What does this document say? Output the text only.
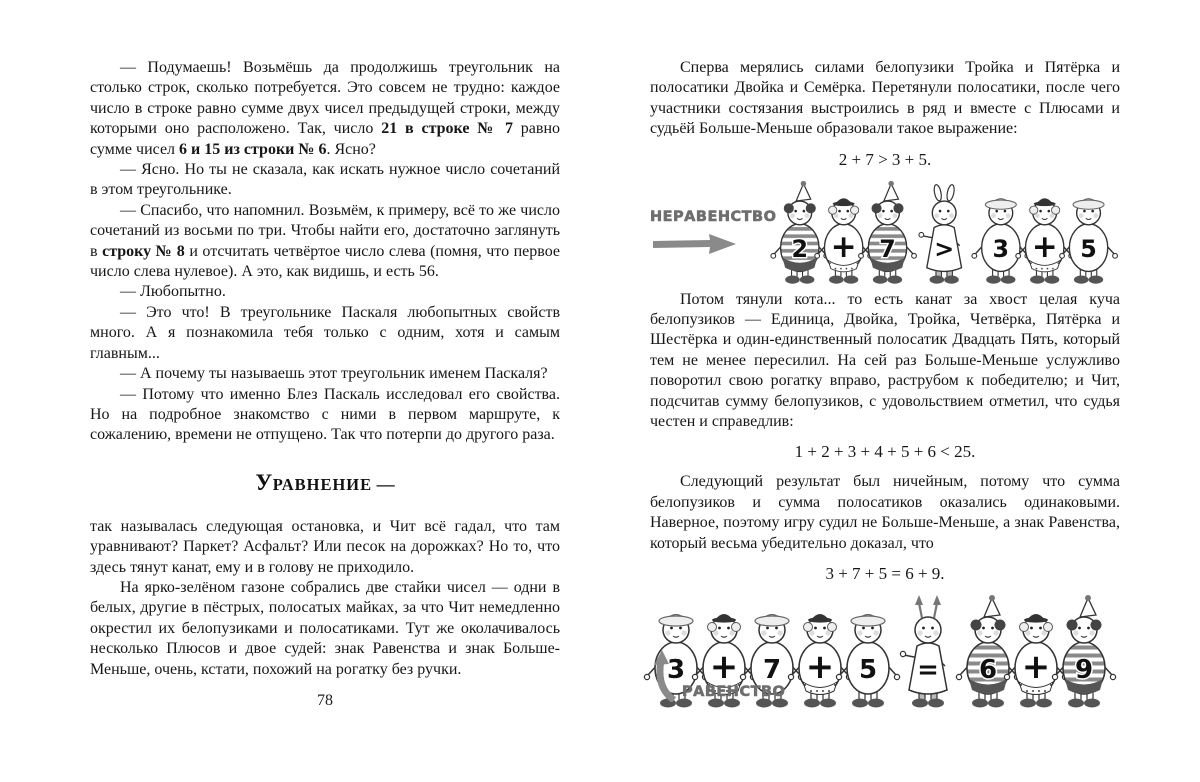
— Подумаешь! Возьмёшь да продолжишь треугольник на столько строк, сколько потребуется. Это совсем не трудно: каждое число в строке равно сумме двух чисел предыдущей строки, между которыми оно расположено. Так, число 21 в строке № 7 равно сумме чисел 6 и 15 из строки № 6. Ясно?

— Ясно. Но ты не сказала, как искать нужное число сочетаний в этом треугольнике.

— Спасибо, что напомнил. Возьмём, к примеру, всё то же число сочетаний из восьми по три. Чтобы найти его, достаточно заглянуть в строку № 8 и отсчитать четвёртое число слева (помня, что первое число слева нулевое). А это, как видишь, и есть 56.

— Любопытно.

— Это что! В треугольнике Паскаля любопытных свойств много. А я познакомила тебя только с одним, хотя и самым главным...

— А почему ты называешь этот треугольник именем Паскаля?

— Потому что именно Блез Паскаль исследовал его свойства. Но на подробное знакомство с ними в первом маршруте, к сожалению, времени не отпущено. Так что потерпи до другого раза.

УРАВНЕНИЕ —

так называлась следующая остановка, и Чит всё гадал, что там уравнивают? Паркет? Асфальт? Или песок на дорожках? Но то, что здесь тянут канат, ему и в голову не приходило.

На ярко-зелёном газоне собрались две стайки чисел — одни в белых, другие в пёстрых, полосатых майках, за что Чит немедленно окрестил их белопузиками и полосатиками. Тут же околачивалось несколько Плюсов и двое судей: знак Равенства и знак Больше-Меньше, очень, кстати, похожий на рогатку без ручки.

78

Сперва мерялись силами белопузики Тройка и Пятёрка и полосатики Двойка и Семёрка. Перетянули полосатики, после чего участники состязания выстроились в ряд и вместе с Плюсами и судьёй Больше-Меньше образовали такое выражение:

2 + 7 > 3 + 5.
НЕРАВЕНСТВО
2 + 7 > 3 + 5

Потом тянули кота... то есть канат за хвост целая куча белопузиков — Единица, Двойка, Тройка, Четвёрка, Пятёрка и Шестёрка и один-единственный полосатик Двадцать Пять, который тем не менее пересилил. На сей раз Больше-Меньше услужливо поворотил свою рогатку вправо, раструбом к победителю; и Чит, подсчитав сумму белопузиков, с удовольствием отметил, что судья честен и справедлив:

1 + 2 + 3 + 4 + 5 + 6 < 25.

Следующий результат был ничейным, потому что сумма белопузиков и сумма полосатиков оказались одинаковыми. Наверное, поэтому игру судил не Больше-Меньше, а знак Равенства, который весьма убедительно доказал, что

3 + 7 + 5 = 6 + 9.
3 + 7 + 5 = 6 + 9
РАВЕНСТВО
